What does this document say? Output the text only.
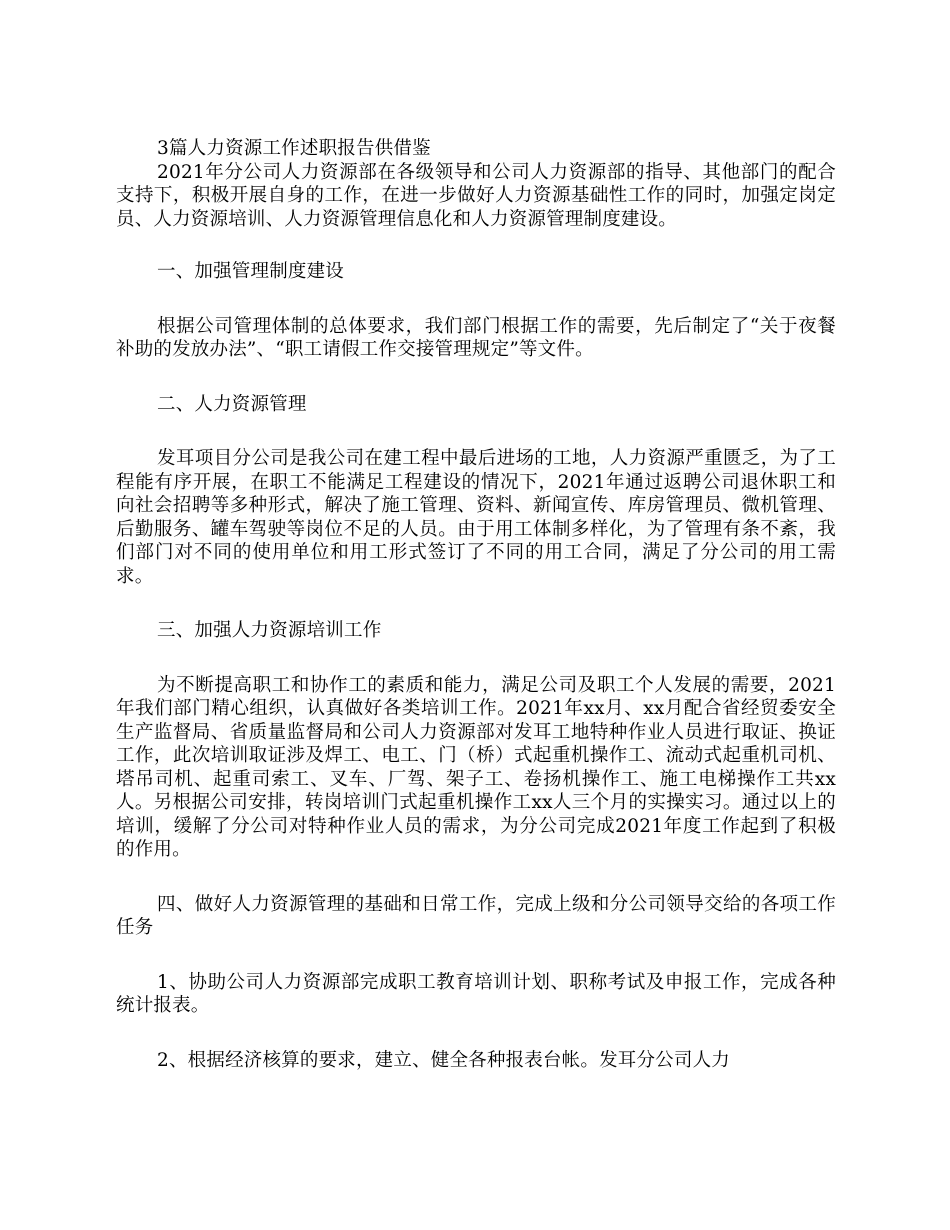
3篇人力资源工作述职报告供借鉴

2021年分公司人力资源部在各级领导和公司人力资源部的指导、其他部门的配合支持下，积极开展自身的工作，在进一步做好人力资源基础性工作的同时，加强定岗定员、人力资源培训、人力资源管理信息化和人力资源管理制度建设。

一、加强管理制度建设

根据公司管理体制的总体要求，我们部门根据工作的需要，先后制定了“关于夜餐补助的发放办法”、“职工请假工作交接管理规定”等文件。

二、人力资源管理

发耳项目分公司是我公司在建工程中最后进场的工地，人力资源严重匮乏，为了工程能有序开展，在职工不能满足工程建设的情况下，2021年通过返聘公司退休职工和向社会招聘等多种形式，解决了施工管理、资料、新闻宣传、库房管理员、微机管理、后勤服务、罐车驾驶等岗位不足的人员。由于用工体制多样化，为了管理有条不紊，我们部门对不同的使用单位和用工形式签订了不同的用工合同，满足了分公司的用工需求。

三、加强人力资源培训工作

为不断提高职工和协作工的素质和能力，满足公司及职工个人发展的需要，2021年我们部门精心组织，认真做好各类培训工作。2021年xx月、xx月配合省经贸委安全生产监督局、省质量监督局和公司人力资源部对发耳工地特种作业人员进行取证、换证工作，此次培训取证涉及焊工、电工、门（桥）式起重机操作工、流动式起重机司机、塔吊司机、起重司索工、叉车、厂驾、架子工、卷扬机操作工、施工电梯操作工共xx人。另根据公司安排，转岗培训门式起重机操作工xx人三个月的实操实习。通过以上的培训，缓解了分公司对特种作业人员的需求，为分公司完成2021年度工作起到了积极的作用。

四、做好人力资源管理的基础和日常工作，完成上级和分公司领导交给的各项工作任务

1、协助公司人力资源部完成职工教育培训计划、职称考试及申报工作，完成各种统计报表。

2、根据经济核算的要求，建立、健全各种报表台帐。发耳分公司人力
